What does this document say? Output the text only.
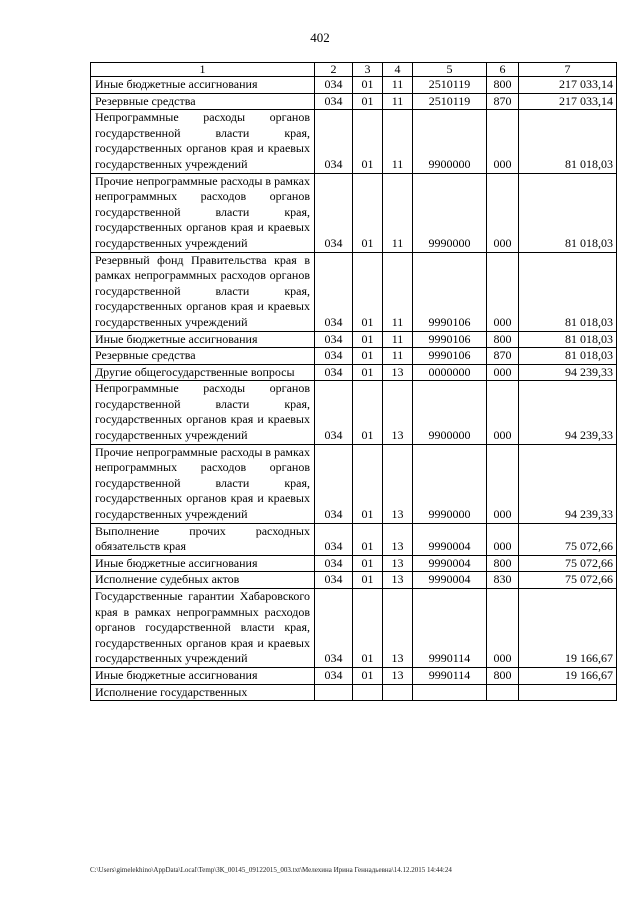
402
1	2	3	4	5	6	7
Иные бюджетные ассигнования	034	01	11	2510119	800	217 033,14
Резервные средства	034	01	11	2510119	870	217 033,14
Непрограммные расходы органов государственной власти края, государственных органов края и краевых государственных учреждений	034	01	11	9900000	000	81 018,03
Прочие непрограммные расходы в рамках непрограммных расходов органов государственной власти края, государственных органов края и краевых государственных учреждений	034	01	11	9990000	000	81 018,03
Резервный фонд Правительства края в рамках непрограммных расходов органов государственной власти края, государственных органов края и краевых государственных учреждений	034	01	11	9990106	000	81 018,03
Иные бюджетные ассигнования	034	01	11	9990106	800	81 018,03
Резервные средства	034	01	11	9990106	870	81 018,03
Другие общегосударственные вопросы	034	01	13	0000000	000	94 239,33
Непрограммные расходы органов государственной власти края, государственных органов края и краевых государственных учреждений	034	01	13	9900000	000	94 239,33
Прочие непрограммные расходы в рамках непрограммных расходов органов государственной власти края, государственных органов края и краевых государственных учреждений	034	01	13	9990000	000	94 239,33
Выполнение прочих расходных обязательств края	034	01	13	9990004	000	75 072,66
Иные бюджетные ассигнования	034	01	13	9990004	800	75 072,66
Исполнение судебных актов	034	01	13	9990004	830	75 072,66
Государственные гарантии Хабаровского края в рамках непрограммных расходов органов государственной власти края, государственных органов края и краевых государственных учреждений	034	01	13	9990114	000	19 166,67
Иные бюджетные ассигнования	034	01	13	9990114	800	19 166,67
Исполнение государственных						
C:\Users\gimelekhino\AppData\Local\Temp\ЗК_00145_09122015_003.txt\Мелехина Ирина Геннадьевна\14.12.2015 14:44:24
